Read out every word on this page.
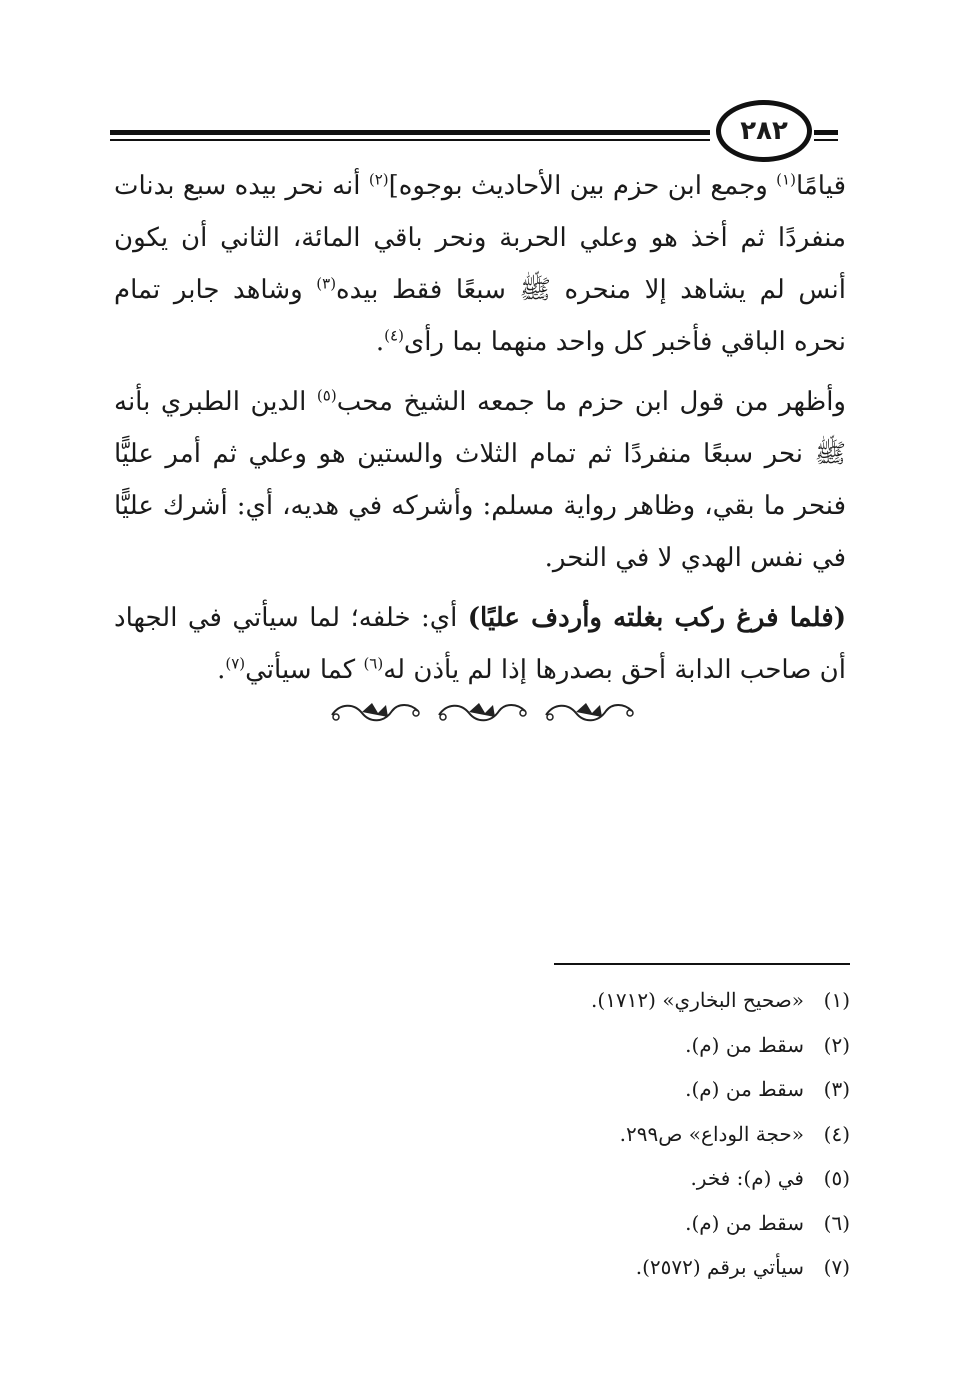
٢٨٢

قيامًا$^{(١)}$ وجمع ابن حزم بين الأحاديث بوجوه]$^{(٢)}$ أنه نحر بيده سبع بدنات منفردًا ثم أخذ هو وعلي الحربة ونحر باقي المائة، الثاني أن يكون أنس لم يشاهد إلا منحره ﷺ سبعًا فقط بيده$^{(٣)}$ وشاهد جابر تمام نحره الباقي فأخبر كل واحد منهما بما رأى$^{(٤)}$.

وأظهر من قول ابن حزم ما جمعه الشيخ محب$^{(٥)}$ الدين الطبري بأنه ﷺ نحر سبعًا منفردًا ثم تمام الثلاث والستين هو وعلي ثم أمر عليًّا فنحر ما بقي، وظاهر رواية مسلم: وأشركه في هديه، أي: أشرك عليًّا في نفس الهدي لا في النحر.

(فلما فرغ ركب بغلته وأردف عليًا) أي: خلفه؛ لما سيأتي في الجهاد أن صاحب الدابة أحق بصدرها إذا لم يأذن له$^{(٦)}$ كما سيأتي$^{(٧)}$.

(١)
«صحيح البخاري» (١٧١٢).
(٢)
سقط من (م).
(٣)
سقط من (م).
(٤)
«حجة الوداع» ص٢٩٩.
(٥)
في (م): فخر.
(٦)
سقط من (م).
(٧)
سيأتي برقم (٢٥٧٢).
